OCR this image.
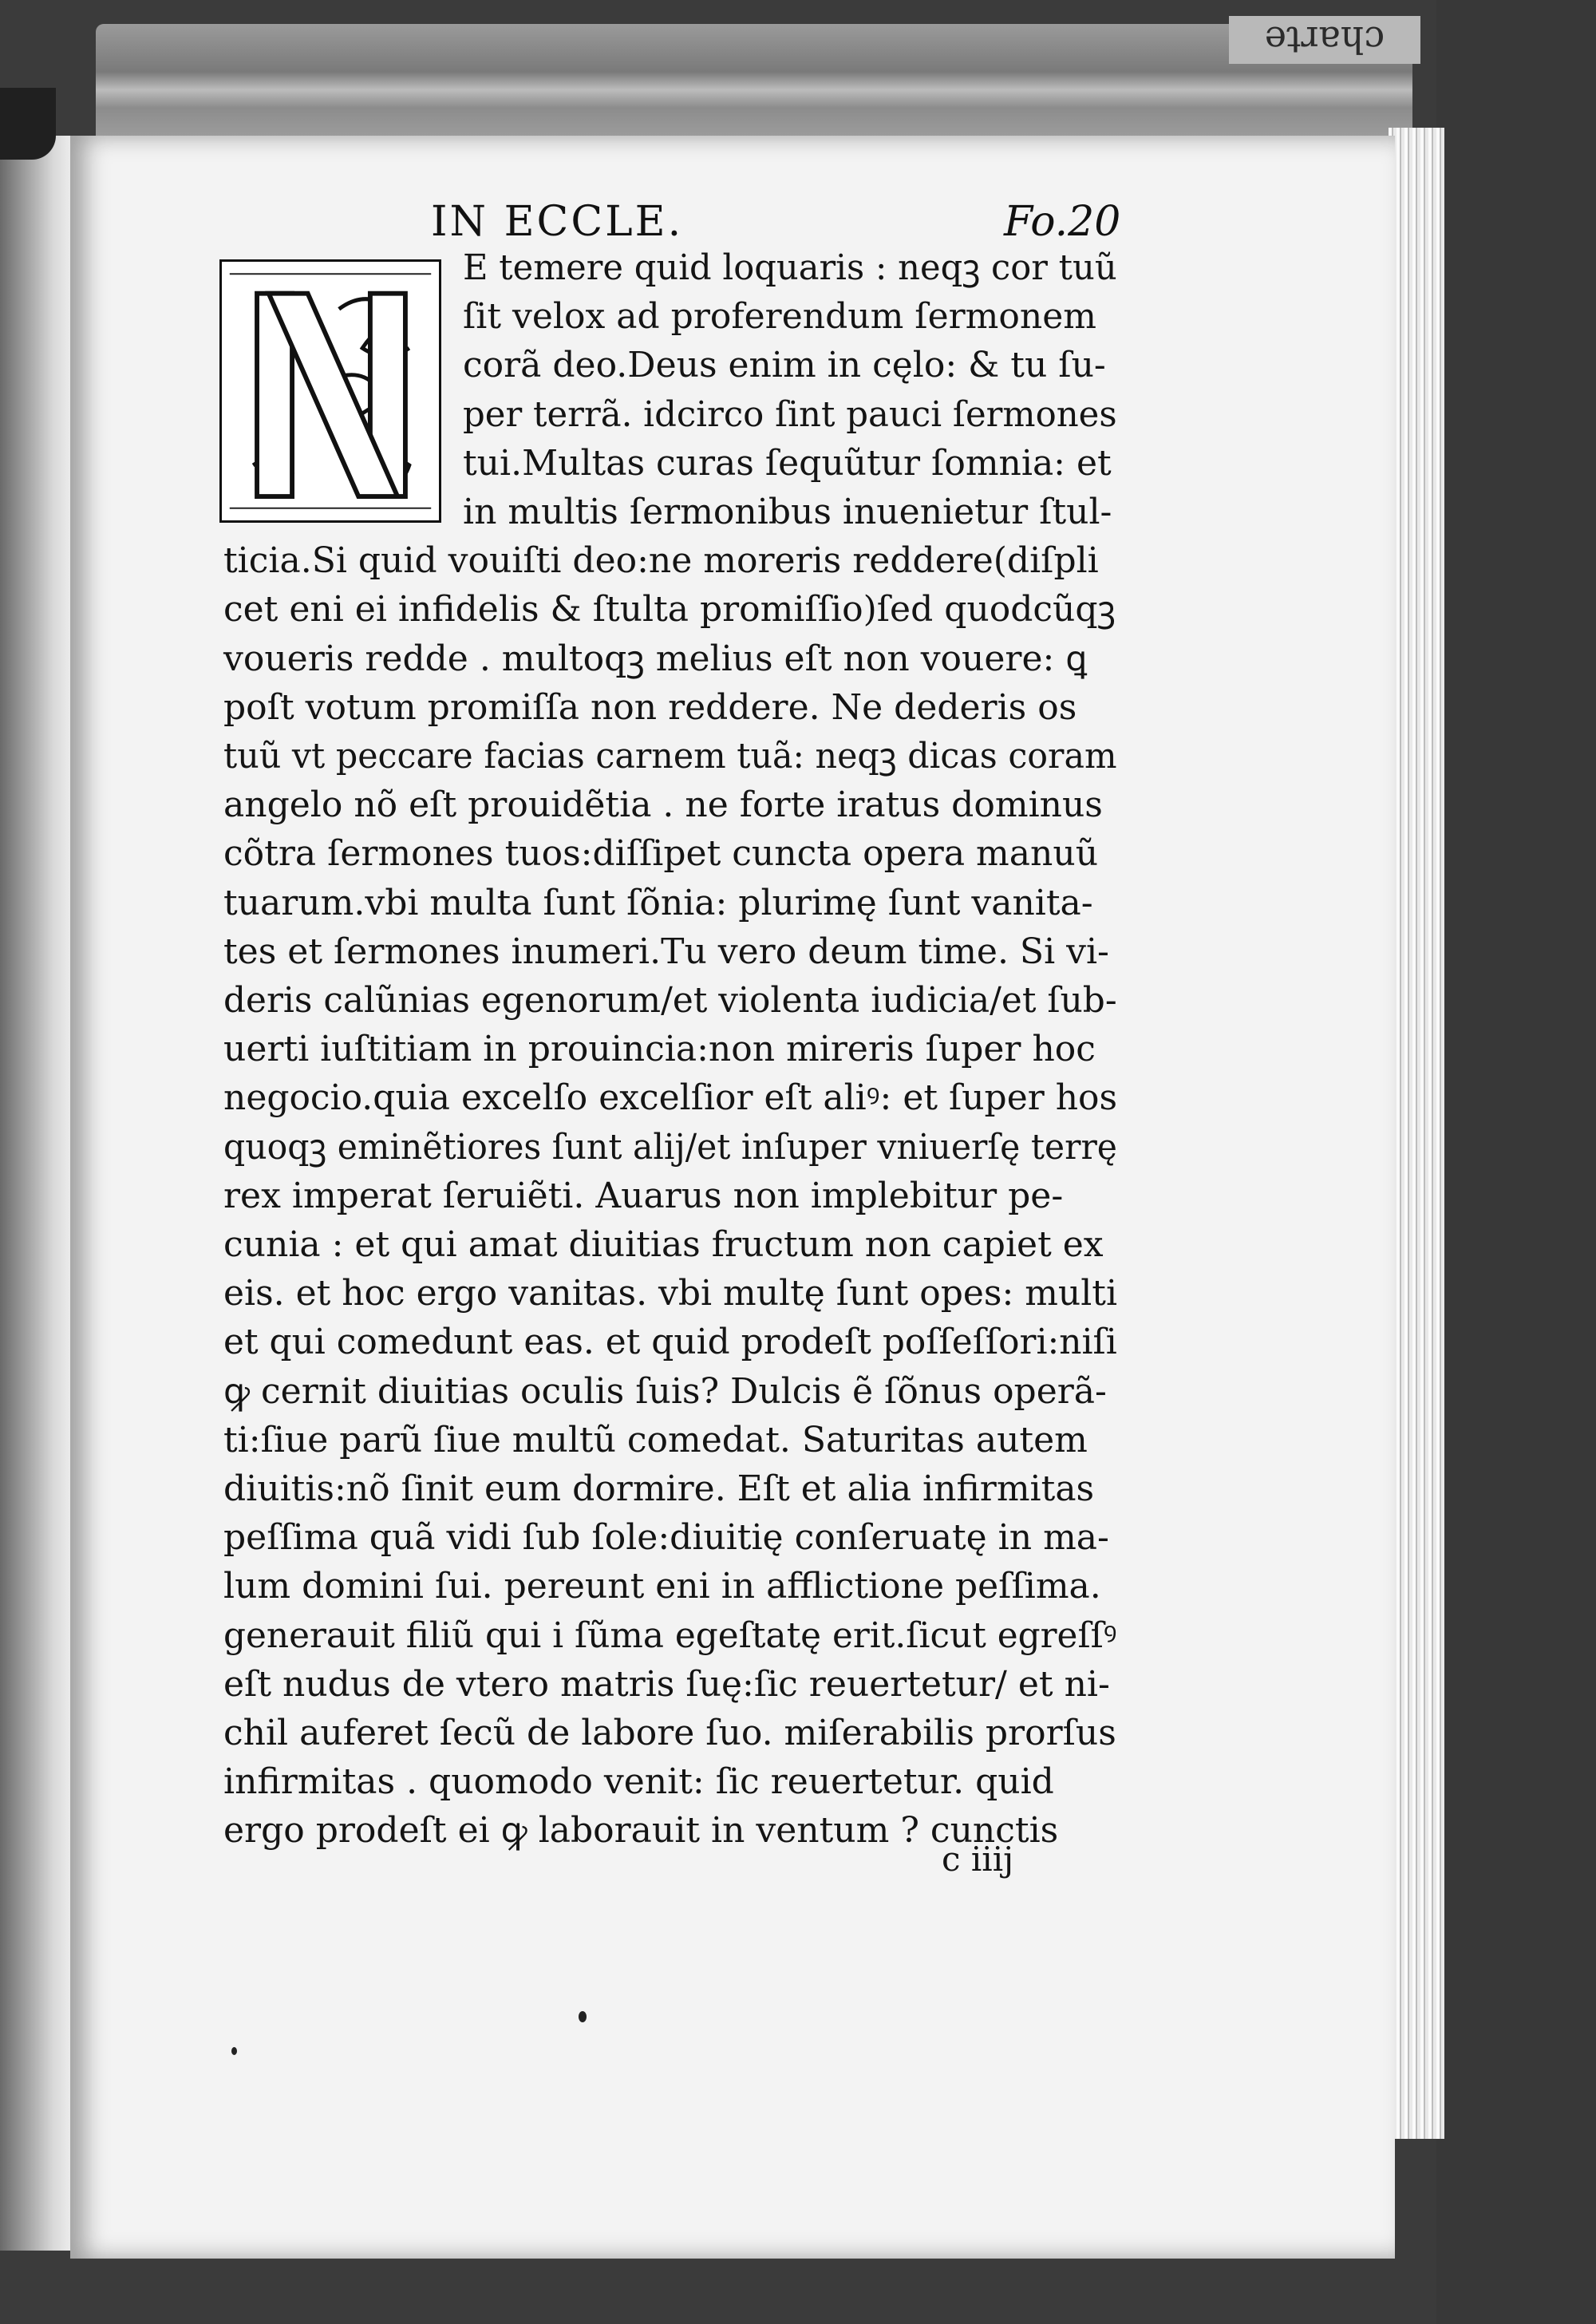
charte
IN ECCLE.	Fo.20
E temere quid loquaris : neqꝫ cor tuũ
ſit velox ad proferendum ſermonem
corã deo.Deus enim in cęlo: & tu ſu-
per terrã. idcirco ſint pauci ſermones
tui.Multas curas ſequũtur ſomnia: et
in multis ſermonibus inuenietur ſtul-
ticia.Si quid vouiſti deo:ne moreris reddere(diſpli
cet eni ei infidelis & ſtulta promiſſio)ſed quodcũqꝫ
voueris redde . multoqꝫ melius eſt non vouere: ꝗ
poſt votum promiſſa non reddere. Ne dederis os
tuũ vt peccare facias carnem tuã: neqꝫ dicas coram
angelo nõ eſt prouidẽtia . ne forte iratus dominus
cõtra ſermones tuos:diſſipet cuncta opera manuũ
tuarum.vbi multa ſunt ſõnia: plurimę ſunt vanita-
tes et ſermones inumeri.Tu vero deum time. Si vi-
deris calũnias egenorum/et violenta iudicia/et ſub-
uerti iuſtitiam in prouincia:non mireris ſuper hoc
negocio.quia excelſo excelſior eſt aliꝰ: et ſuper hos
quoqꝫ eminẽtiores ſunt alij/et inſuper vniuerſę terrę
rex imperat ſeruiẽti. Auarus non implebitur pe-
cunia : et qui amat diuitias fructum non capiet ex
eis. et hoc ergo vanitas. vbi multę ſunt opes: multi
et qui comedunt eas. et quid prodeſt poſſeſſori:niſi
ꝙ cernit diuitias oculis ſuis? Dulcis ẽ ſõnus operã-
ti:ſiue parũ ſiue multũ comedat. Saturitas autem
diuitis:nõ ſinit eum dormire. Eſt et alia infirmitas
peſſima quã vidi ſub ſole:diuitię conſeruatę in ma-
lum domini ſui. pereunt eni in afflictione peſſima.
generauit filiũ qui i ſũma egeſtatę erit.ſicut egreſſꝰ
eſt nudus de vtero matris ſuę:ſic reuertetur/ et ni-
chil auferet ſecũ de labore ſuo. miſerabilis prorſus
infirmitas . quomodo venit: ſic reuertetur. quid
ergo prodeſt ei ꝙ laborauit in ventum ? cunctis
c iiij
